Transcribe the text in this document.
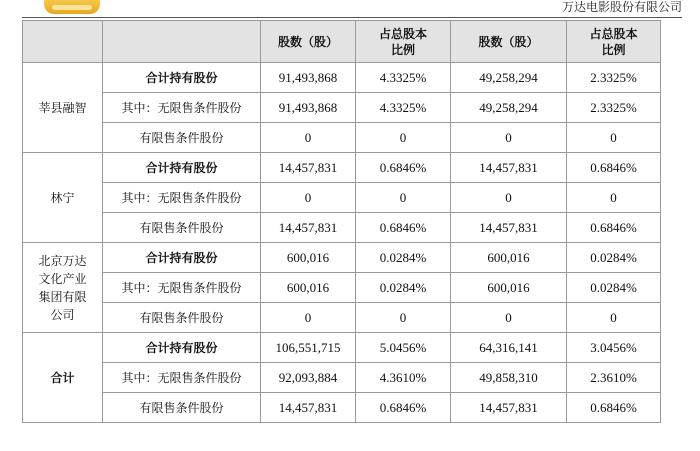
万达电影股份有限公司
		股数（股）	占总股本
比例	股数（股）	占总股本
比例

莘县融智	合计持有股份	91,493,868	4.3325%	49,258,294	2.3325%
	其中：无限售条件股份	91,493,868	4.3325%	49,258,294	2.3325%
	有限售条件股份	0	0	0	0

林宁	合计持有股份	14,457,831	0.6846%	14,457,831	0.6846%
	其中：无限售条件股份	0	0	0	0
	有限售条件股份	14,457,831	0.6846%	14,457,831	0.6846%

北京万达
文化产业
集团有限
公司	合计持有股份	600,016	0.0284%	600,016	0.0284%
	其中：无限售条件股份	600,016	0.0284%	600,016	0.0284%
	有限售条件股份	0	0	0	0

合计	合计持有股份	106,551,715	5.0456%	64,316,141	3.0456%
	其中：无限售条件股份	92,093,884	4.3610%	49,858,310	2.3610%
	有限售条件股份	14,457,831	0.6846%	14,457,831	0.6846%
